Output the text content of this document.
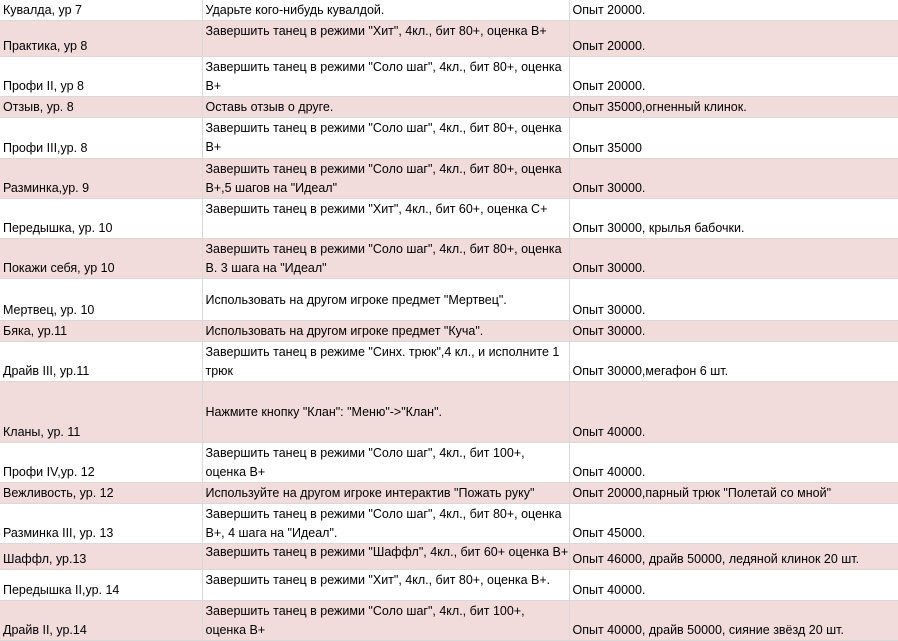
Кувалда, ур 7	Ударьте кого-нибудь кувалдой.	Опыт 20000.
Практика, ур 8	Завершить танец в режими "Хит", 4кл., бит 80+, оценка В+	Опыт 20000.
Профи II, ур 8	Завершить танец в режими "Соло шаг", 4кл., бит 80+, оценка В+	Опыт 20000.
Отзыв, ур. 8	Оставь отзыв о друге.	Опыт 35000,огненный клинок.
Профи III,ур. 8	Завершить танец в режими "Соло шаг", 4кл., бит 80+, оценка В+	Опыт 35000
Разминка,ур. 9	Завершить танец в режими "Соло шаг", 4кл., бит 80+, оценка В+,5 шагов на "Идеал"	Опыт 30000.
Передышка, ур. 10	Завершить танец в режими "Хит", 4кл., бит 60+, оценка С+	Опыт 30000, крылья бабочки.
Покажи себя, ур 10	Завершить танец в режими "Соло шаг", 4кл., бит 80+, оценка В. 3 шага на "Идеал"	Опыт 30000.
Мертвец, ур. 10	Использовать на другом игроке предмет "Мертвец".	Опыт 30000.
Бяка, ур.11	Использовать на другом игроке предмет "Куча".	Опыт 30000.
Драйв III, ур.11	Завершить танец в режиме "Синх. трюк",4 кл., и исполните 1 трюк	Опыт 30000,мегафон 6 шт.
Кланы, ур. 11	Нажмите кнопку "Клан": "Меню"->"Клан".	Опыт 40000.
Профи IV,ур. 12	Завершить танец в режими "Соло шаг", 4кл., бит 100+, оценка В+	Опыт 40000.
Вежливость, ур. 12	Используйте на другом игроке интерактив "Пожать руку"	Опыт 20000,парный трюк "Полетай со мной"
Разминка III, ур. 13	Завершить танец в режими "Соло шаг", 4кл., бит 80+, оценка В+, 4 шага на "Идеал".	Опыт 45000.
Шаффл, ур.13	Завершить танец в режими "Шаффл", 4кл., бит 60+ оценка В+	Опыт 46000, драйв 50000, ледяной клинок 20 шт.
Передышка II,ур. 14	Завершить танец в режими "Хит", 4кл., бит 80+, оценка В+.	Опыт 40000.
Драйв II, ур.14	Завершить танец в режими "Соло шаг", 4кл., бит 100+, оценка В+	Опыт 40000, драйв 50000, сияние звёзд 20 шт.
